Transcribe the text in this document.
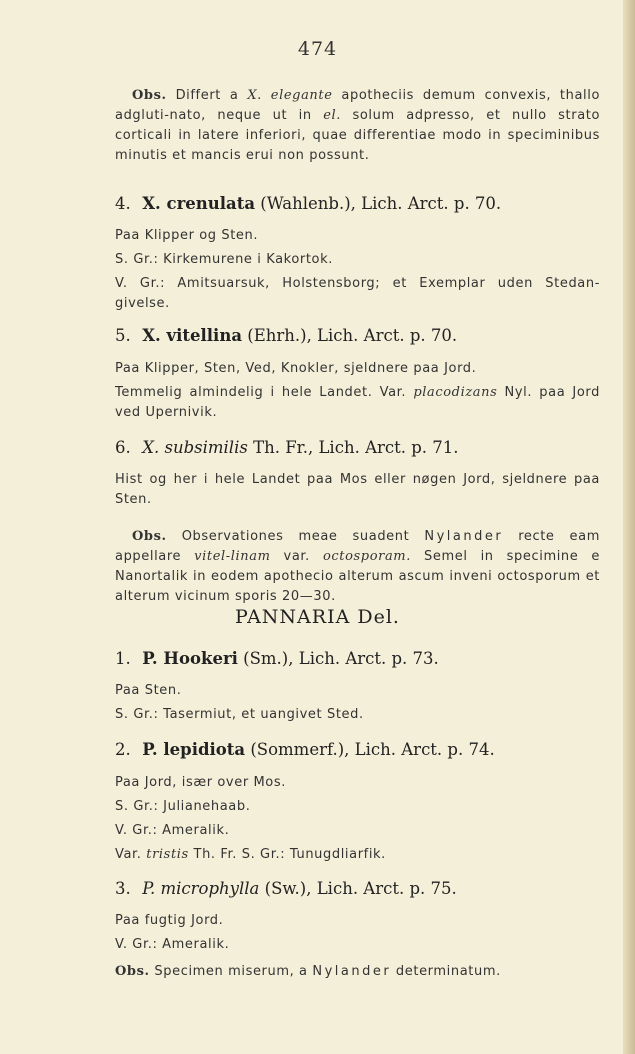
474

Obs. Differt a X. elegante apotheciis demum convexis, thallo adgluti-nato, neque ut in el. solum adpresso, et nullo strato corticali in latere inferiori, quae differentiae modo in speciminibus minutis et mancis erui non possunt.

4. X. crenulata (Wahlenb.), Lich. Arct. p. 70.

Paa Klipper og Sten.

S. Gr.: Kirkemurene i Kakortok.

V. Gr.: Amitsuarsuk, Holstensborg; et Exemplar uden Stedan-givelse.

5. X. vitellina (Ehrh.), Lich. Arct. p. 70.

Paa Klipper, Sten, Ved, Knokler, sjeldnere paa Jord.

Temmelig almindelig i hele Landet. Var. placodizans Nyl. paa Jord ved Upernivik.

6. X. subsimilis Th. Fr., Lich. Arct. p. 71.

Hist og her i hele Landet paa Mos eller nøgen Jord, sjeldnere paa Sten.

Obs. Observationes meae suadent Nylander recte eam appellare vitel-linam var. octosporam. Semel in specimine e Nanortalik in eodem apothecio alterum ascum inveni octosporum et alterum vicinum sporis 20—30.

PANNARIA Del.
1. P. Hookeri (Sm.), Lich. Arct. p. 73.

Paa Sten.

S. Gr.: Tasermiut, et uangivet Sted.

2. P. lepidiota (Sommerf.), Lich. Arct. p. 74.

Paa Jord, især over Mos.

S. Gr.: Julianehaab.

V. Gr.: Ameralik.

Var. tristis Th. Fr. S. Gr.: Tunugdliarfik.

3. P. microphylla (Sw.), Lich. Arct. p. 75.

Paa fugtig Jord.

V. Gr.: Ameralik.

Obs. Specimen miserum, a Nylander determinatum.
